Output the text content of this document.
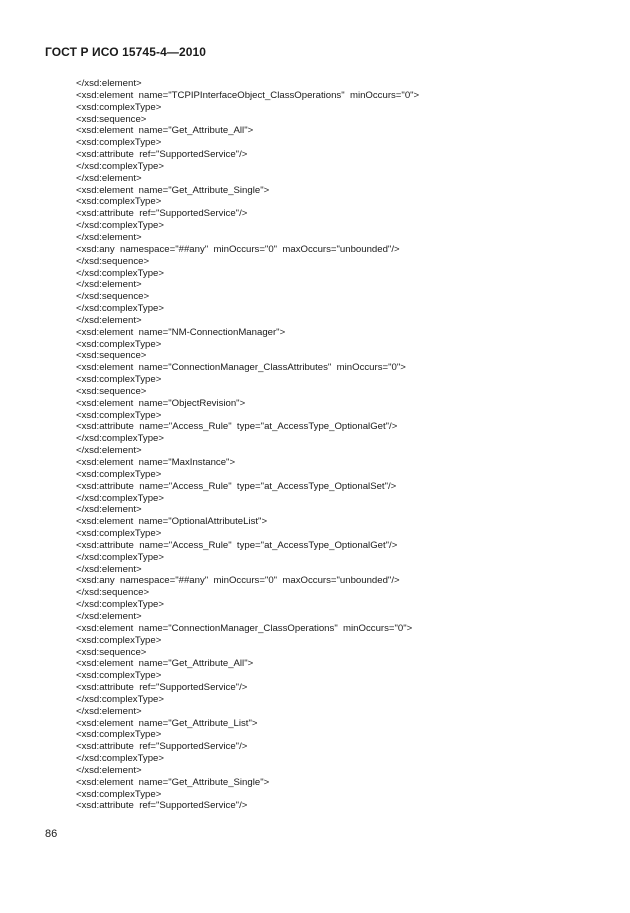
ГОСТ Р ИСО 15745-4—2010
</xsd:element>
<xsd:element  name="TCPIPInterfaceObject_ClassOperations"  minOccurs="0">
<xsd:complexType>
<xsd:sequence>
<xsd:element  name="Get_Attribute_All">
<xsd:complexType>
<xsd:attribute  ref="SupportedService"/>
</xsd:complexType>
</xsd:element>
<xsd:element  name="Get_Attribute_Single">
<xsd:complexType>
<xsd:attribute  ref="SupportedService"/>
</xsd:complexType>
</xsd:element>
<xsd:any  namespace="##any"  minOccurs="0"  maxOccurs="unbounded"/>
</xsd:sequence>
</xsd:complexType>
</xsd:element>
</xsd:sequence>
</xsd:complexType>
</xsd:element>
<xsd:element  name="NM-ConnectionManager">
<xsd:complexType>
<xsd:sequence>
<xsd:element  name="ConnectionManager_ClassAttributes"  minOccurs="0">
<xsd:complexType>
<xsd:sequence>
<xsd:element  name="ObjectRevision">
<xsd:complexType>
<xsd:attribute  name="Access_Rule"  type="at_AccessType_OptionalGet"/>
</xsd:complexType>
</xsd:element>
<xsd:element  name="MaxInstance">
<xsd:complexType>
<xsd:attribute  name="Access_Rule"  type="at_AccessType_OptionalSet"/>
</xsd:complexType>
</xsd:element>
<xsd:element  name="OptionalAttributeList">
<xsd:complexType>
<xsd:attribute  name="Access_Rule"  type="at_AccessType_OptionalGet"/>
</xsd:complexType>
</xsd:element>
<xsd:any  namespace="##any"  minOccurs="0"  maxOccurs="unbounded"/>
</xsd:sequence>
</xsd:complexType>
</xsd:element>
<xsd:element  name="ConnectionManager_ClassOperations"  minOccurs="0">
<xsd:complexType>
<xsd:sequence>
<xsd:element  name="Get_Attribute_All">
<xsd:complexType>
<xsd:attribute  ref="SupportedService"/>
</xsd:complexType>
</xsd:element>
<xsd:element  name="Get_Attribute_List">
<xsd:complexType>
<xsd:attribute  ref="SupportedService"/>
</xsd:complexType>
</xsd:element>
<xsd:element  name="Get_Attribute_Single">
<xsd:complexType>
<xsd:attribute  ref="SupportedService"/>
86
